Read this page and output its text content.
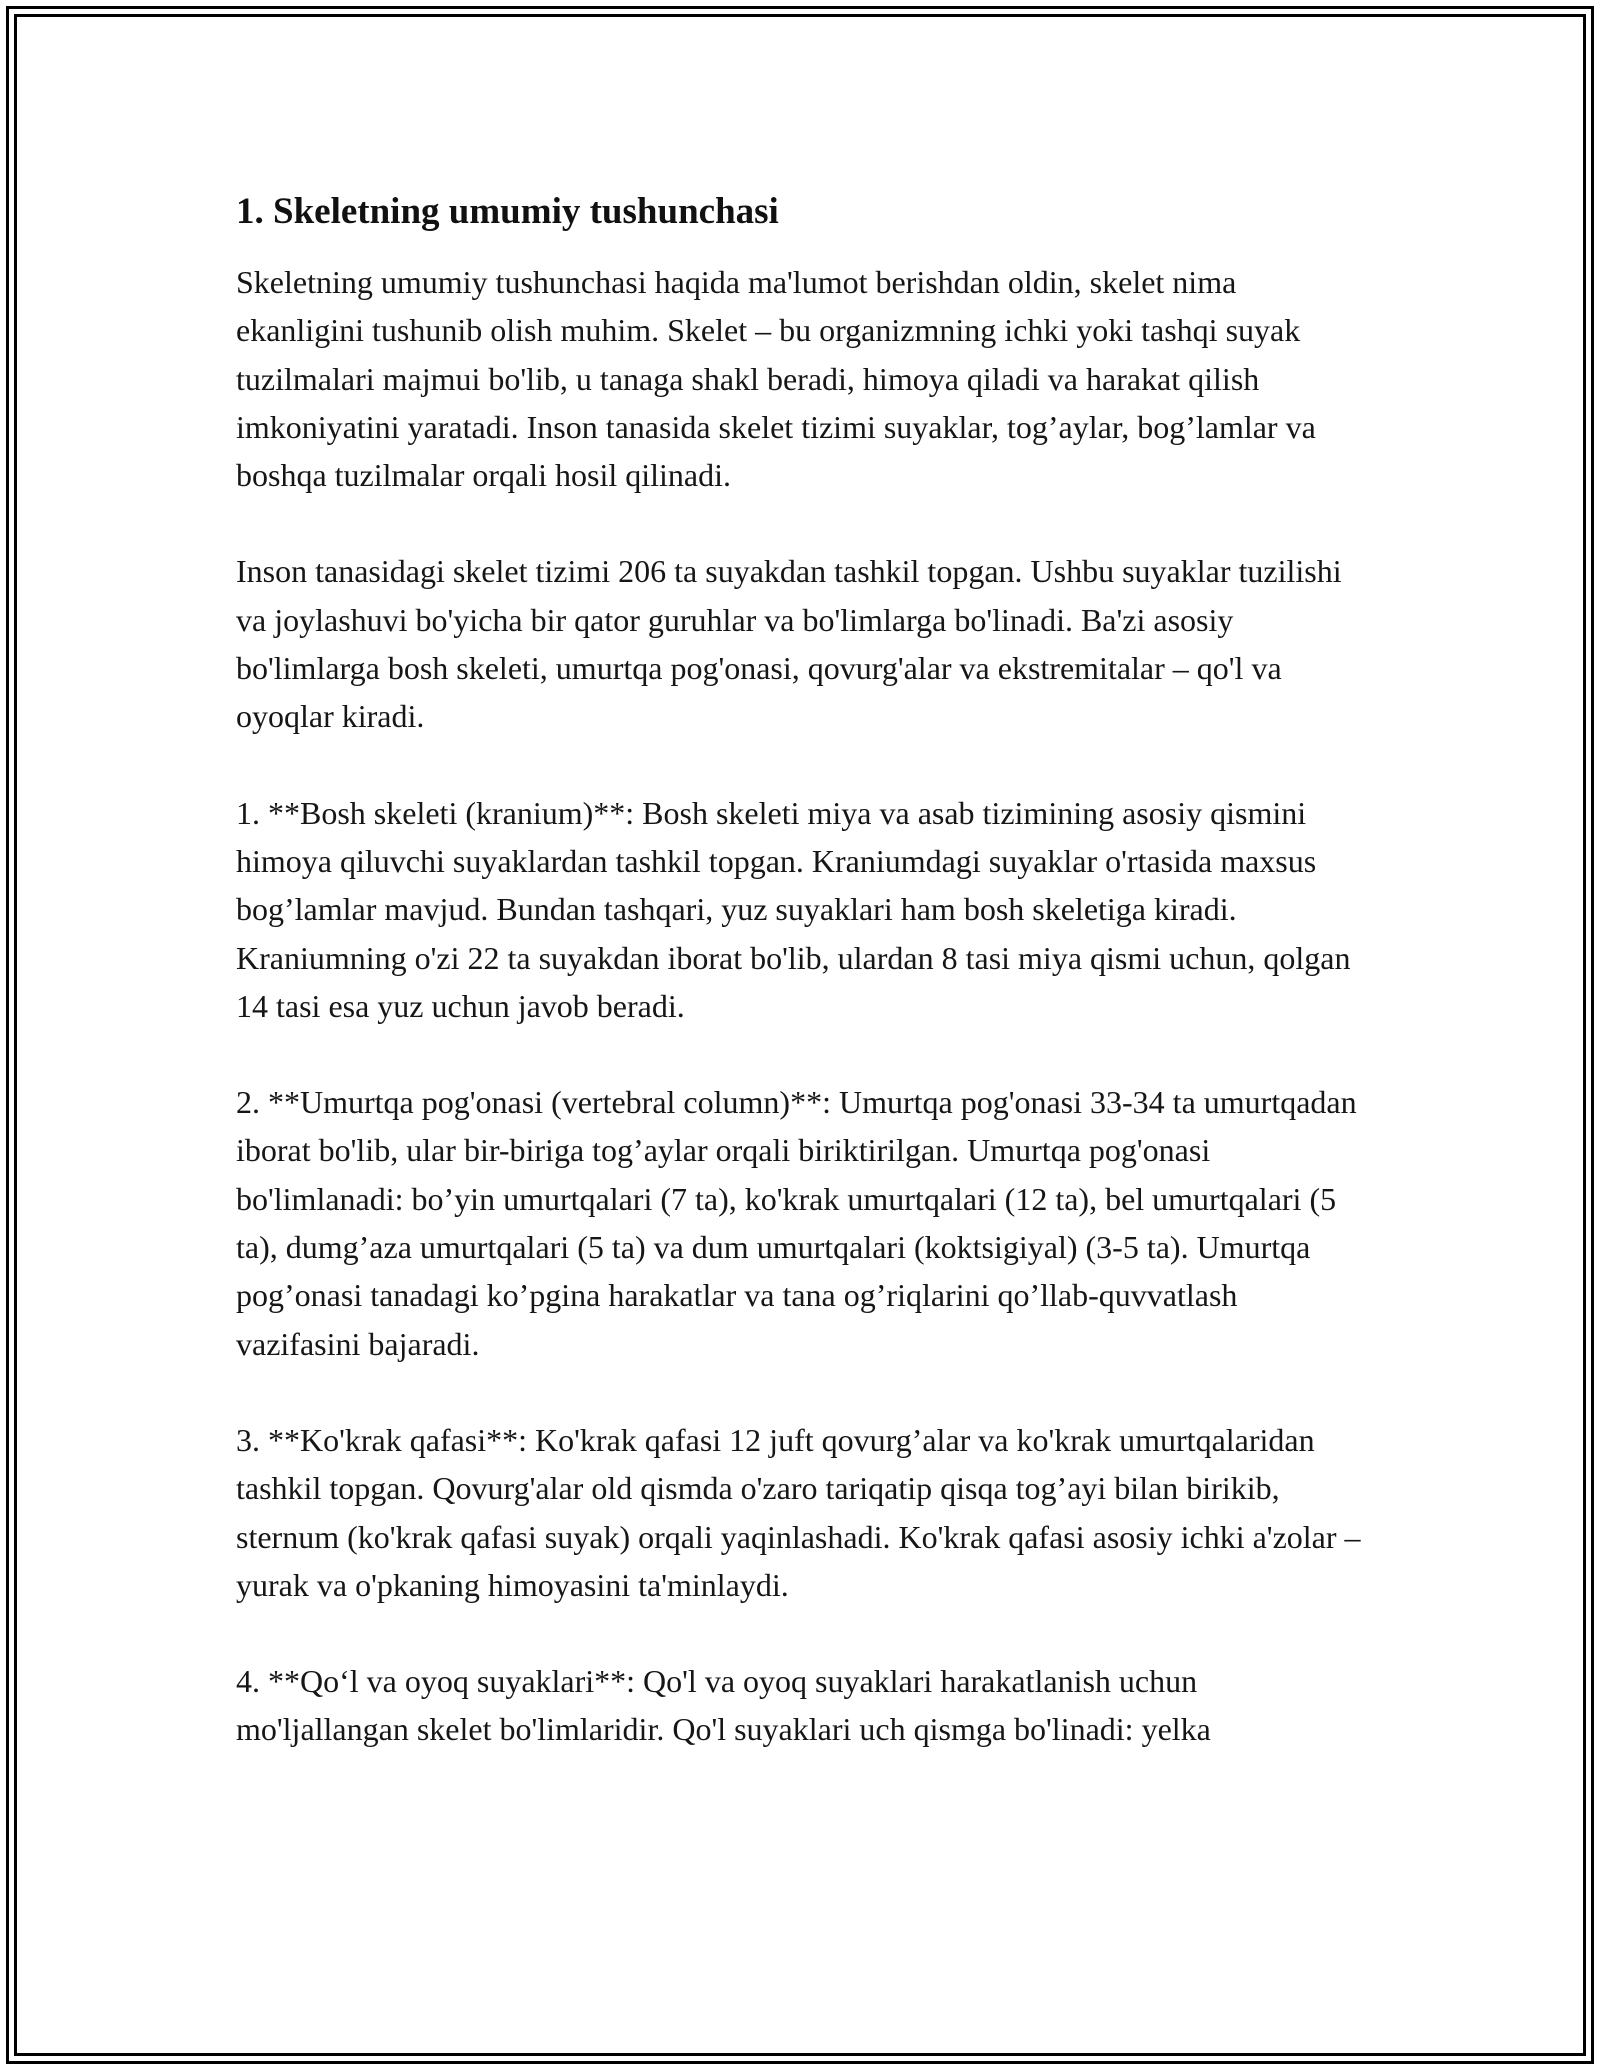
1. Skeletning umumiy tushunchasi

Skeletning umumiy tushunchasi haqida ma'lumot berishdan oldin, skelet nima ekanligini tushunib olish muhim. Skelet – bu organizmning ichki yoki tashqi suyak tuzilmalari majmui bo'lib, u tanaga shakl beradi, himoya qiladi va harakat qilish imkoniyatini yaratadi. Inson tanasida skelet tizimi suyaklar, tog’aylar, bog’lamlar va boshqa tuzilmalar orqali hosil qilinadi.

Inson tanasidagi skelet tizimi 206 ta suyakdan tashkil topgan. Ushbu suyaklar tuzilishi va joylashuvi bo'yicha bir qator guruhlar va bo'limlarga bo'linadi. Ba'zi asosiy bo'limlarga bosh skeleti, umurtqa pog'onasi, qovurg'alar va ekstremitalar – qo'l va oyoqlar kiradi.

1. **Bosh skeleti (kranium)**: Bosh skeleti miya va asab tizimining asosiy qismini himoya qiluvchi suyaklardan tashkil topgan. Kraniumdagi suyaklar o'rtasida maxsus bog’lamlar mavjud. Bundan tashqari, yuz suyaklari ham bosh skeletiga kiradi. Kraniumning o'zi 22 ta suyakdan iborat bo'lib, ulardan 8 tasi miya qismi uchun, qolgan 14 tasi esa yuz uchun javob beradi.

2. **Umurtqa pog'onasi (vertebral column)**: Umurtqa pog'onasi 33-34 ta umurtqadan iborat bo'lib, ular bir-biriga tog’aylar orqali biriktirilgan. Umurtqa pog'onasi bo'limlanadi: bo’yin umurtqalari (7 ta), ko'krak umurtqalari (12 ta), bel umurtqalari (5 ta), dumg’aza umurtqalari (5 ta) va dum umurtqalari (koktsigiyal) (3-5 ta). Umurtqa pog’onasi tanadagi ko’pgina harakatlar va tana og’riqlarini qo’llab-quvvatlash vazifasini bajaradi.

3. **Ko'krak qafasi**: Ko'krak qafasi 12 juft qovurg’alar va ko'krak umurtqalaridan tashkil topgan. Qovurg'alar old qismda o'zaro tariqatip qisqa tog’ayi bilan birikib, sternum (ko'krak qafasi suyak) orqali yaqinlashadi. Ko'krak qafasi asosiy ichki a'zolar – yurak va o'pkaning himoyasini ta'minlaydi.

4. **Qo‘l va oyoq suyaklari**: Qo'l va oyoq suyaklari harakatlanish uchun mo'ljallangan skelet bo'limlaridir. Qo'l suyaklari uch qismga bo'linadi: yelka
